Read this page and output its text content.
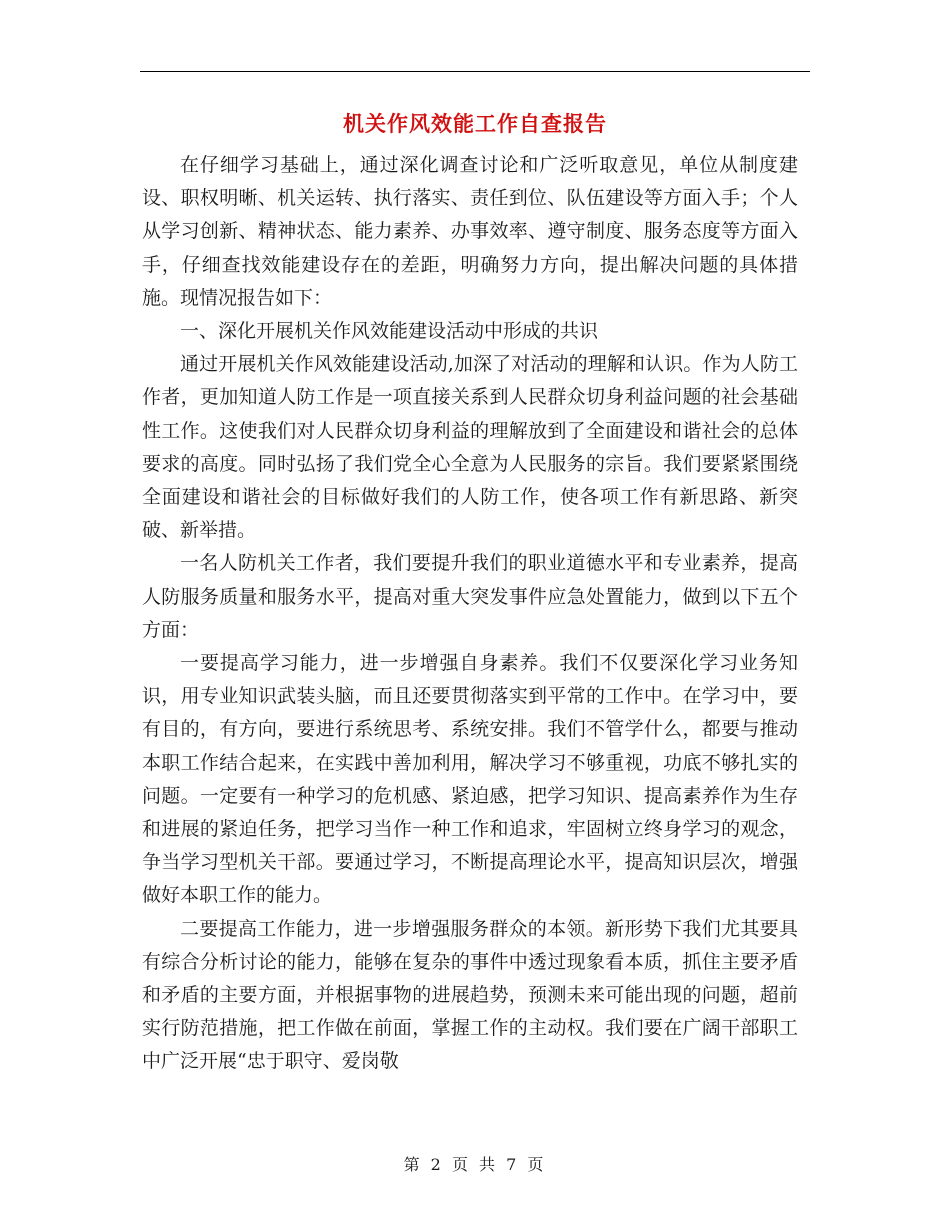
机关作风效能工作自查报告

在仔细学习基础上，通过深化调查讨论和广泛听取意见，单位从制度建设、职权明晰、机关运转、执行落实、责任到位、队伍建设等方面入手；个人从学习创新、精神状态、能力素养、办事效率、遵守制度、服务态度等方面入手，仔细查找效能建设存在的差距，明确努力方向，提出解决问题的具体措施。现情况报告如下：

一、深化开展机关作风效能建设活动中形成的共识

通过开展机关作风效能建设活动,加深了对活动的理解和认识。作为人防工作者，更加知道人防工作是一项直接关系到人民群众切身利益问题的社会基础性工作。这使我们对人民群众切身利益的理解放到了全面建设和谐社会的总体要求的高度。同时弘扬了我们党全心全意为人民服务的宗旨。我们要紧紧围绕全面建设和谐社会的目标做好我们的人防工作，使各项工作有新思路、新突破、新举措。

一名人防机关工作者，我们要提升我们的职业道德水平和专业素养，提高人防服务质量和服务水平，提高对重大突发事件应急处置能力，做到以下五个方面：

一要提高学习能力，进一步增强自身素养。我们不仅要深化学习业务知识，用专业知识武装头脑，而且还要贯彻落实到平常的工作中。在学习中，要有目的，有方向，要进行系统思考、系统安排。我们不管学什么，都要与推动本职工作结合起来，在实践中善加利用，解决学习不够重视，功底不够扎实的问题。一定要有一种学习的危机感、紧迫感，把学习知识、提高素养作为生存和进展的紧迫任务，把学习当作一种工作和追求，牢固树立终身学习的观念，争当学习型机关干部。要通过学习，不断提高理论水平，提高知识层次，增强做好本职工作的能力。

二要提高工作能力，进一步增强服务群众的本领。新形势下我们尤其要具有综合分析讨论的能力，能够在复杂的事件中透过现象看本质，抓住主要矛盾和矛盾的主要方面，并根据事物的进展趋势，预测未来可能出现的问题，超前实行防范措施，把工作做在前面，掌握工作的主动权。我们要在广阔干部职工中广泛开展“忠于职守、爱岗敬

第 2 页 共 7 页
